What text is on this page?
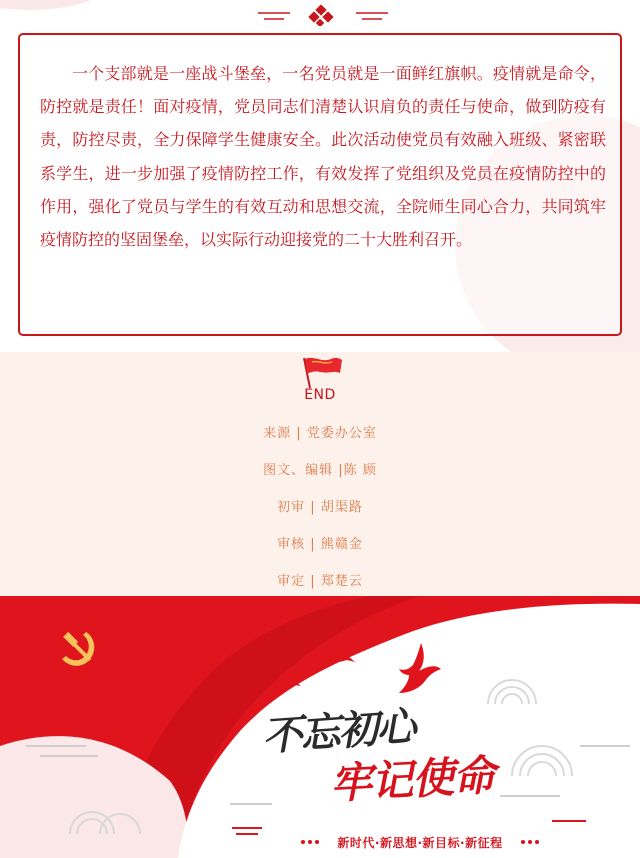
一个支部就是一座战斗堡垒，一名党员就是一面鲜红旗帜。疫情就是命令，防控就是责任！面对疫情，党员同志们清楚认识肩负的责任与使命，做到防疫有责，防控尽责，全力保障学生健康安全。此次活动使党员有效融入班级、紧密联系学生，进一步加强了疫情防控工作，有效发挥了党组织及党员在疫情防控中的作用，强化了党员与学生的有效互动和思想交流，全院师生同心合力，共同筑牢疫情防控的坚固堡垒，以实际行动迎接党的二十大胜利召开。

END
来源 | 党委办公室
图文、编辑 |陈 顾
初审 | 胡渠路
审核 | 熊赣金
审定 | 郑楚云
不忘初心
牢记使命
新时代·新思想·新目标·新征程
